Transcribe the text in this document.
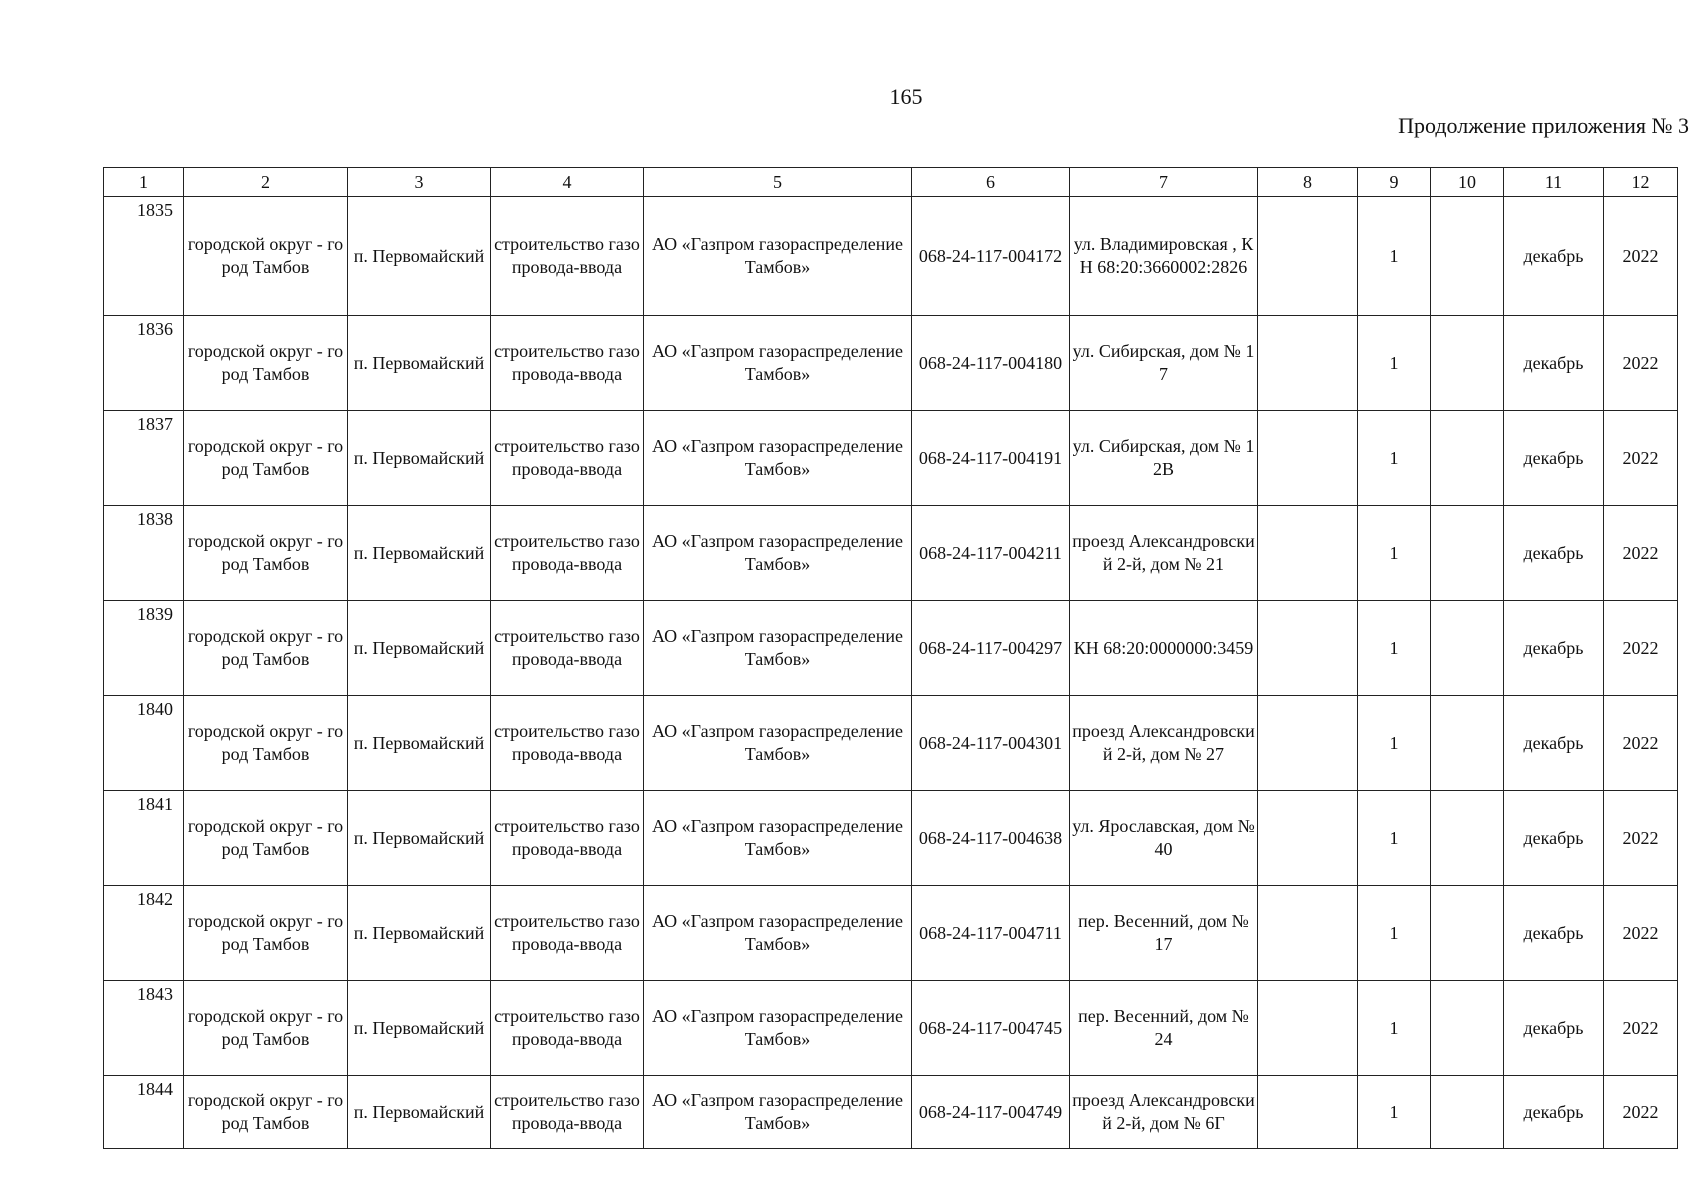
165
Продолжение приложения № 3
1	2	3	4	5	6	7	8	9	10	11	12
1835	городской округ - город Тамбов	п. Первомайский	строительство газопровода-ввода	АО «Газпром газораспределение Тамбов»	068-24-117-004172	ул. Владимировская , КН 68:20:3660002:2826		1		декабрь	2022
1836	городской округ - город Тамбов	п. Первомайский	строительство газопровода-ввода	АО «Газпром газораспределение Тамбов»	068-24-117-004180	ул. Сибирская, дом № 17		1		декабрь	2022
1837	городской округ - город Тамбов	п. Первомайский	строительство газопровода-ввода	АО «Газпром газораспределение Тамбов»	068-24-117-004191	ул. Сибирская, дом № 12В		1		декабрь	2022
1838	городской округ - город Тамбов	п. Первомайский	строительство газопровода-ввода	АО «Газпром газораспределение Тамбов»	068-24-117-004211	проезд Александровский 2-й, дом № 21		1		декабрь	2022
1839	городской округ - город Тамбов	п. Первомайский	строительство газопровода-ввода	АО «Газпром газораспределение Тамбов»	068-24-117-004297	КН 68:20:0000000:3459		1		декабрь	2022
1840	городской округ - город Тамбов	п. Первомайский	строительство газопровода-ввода	АО «Газпром газораспределение Тамбов»	068-24-117-004301	проезд Александровский 2-й, дом № 27		1		декабрь	2022
1841	городской округ - город Тамбов	п. Первомайский	строительство газопровода-ввода	АО «Газпром газораспределение Тамбов»	068-24-117-004638	ул. Ярославская, дом № 40		1		декабрь	2022
1842	городской округ - город Тамбов	п. Первомайский	строительство газопровода-ввода	АО «Газпром газораспределение Тамбов»	068-24-117-004711	пер. Весенний, дом № 17		1		декабрь	2022
1843	городской округ - город Тамбов	п. Первомайский	строительство газопровода-ввода	АО «Газпром газораспределение Тамбов»	068-24-117-004745	пер. Весенний, дом № 24		1		декабрь	2022
1844	городской округ - город Тамбов	п. Первомайский	строительство газопровода-ввода	АО «Газпром газораспределение Тамбов»	068-24-117-004749	проезд Александровский 2-й, дом № 6Г		1		декабрь	2022
